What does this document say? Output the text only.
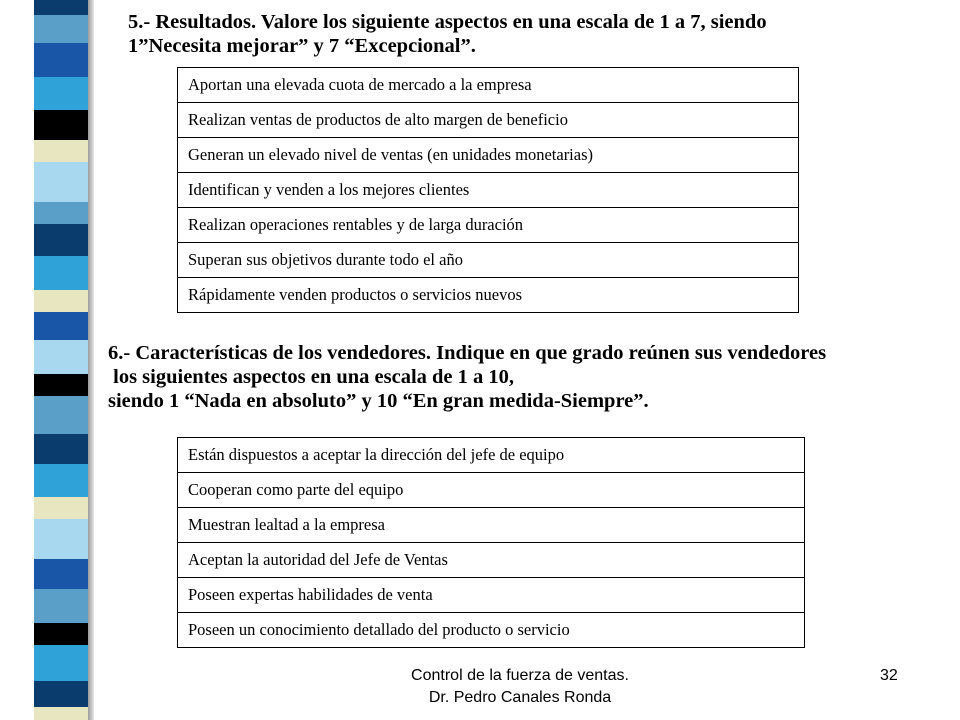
5.- Resultados. Valore los siguiente aspectos en una escala de 1 a 7, siendo
1”Necesita mejorar” y 7 “Excepcional”.
Aportan una elevada cuota de mercado a la empresa
Realizan ventas de productos de alto margen de beneficio
Generan un elevado nivel de ventas (en unidades monetarias)
Identifican y venden a los mejores clientes
Realizan operaciones rentables y de larga duración
Superan sus objetivos durante todo el año
Rápidamente venden productos o servicios nuevos
6.- Características de los vendedores. Indique en que grado reúnen sus vendedores
los siguientes aspectos en una escala de 1 a 10,
siendo 1 “Nada en absoluto” y 10 “En gran medida-Siempre”.
Están dispuestos a aceptar la dirección del jefe de equipo
Cooperan como parte del equipo
Muestran lealtad a la empresa
Aceptan la autoridad del Jefe de Ventas
Poseen expertas habilidades de venta
Poseen un conocimiento detallado del producto o servicio
Control de la fuerza de ventas.
Dr. Pedro Canales Ronda
32
